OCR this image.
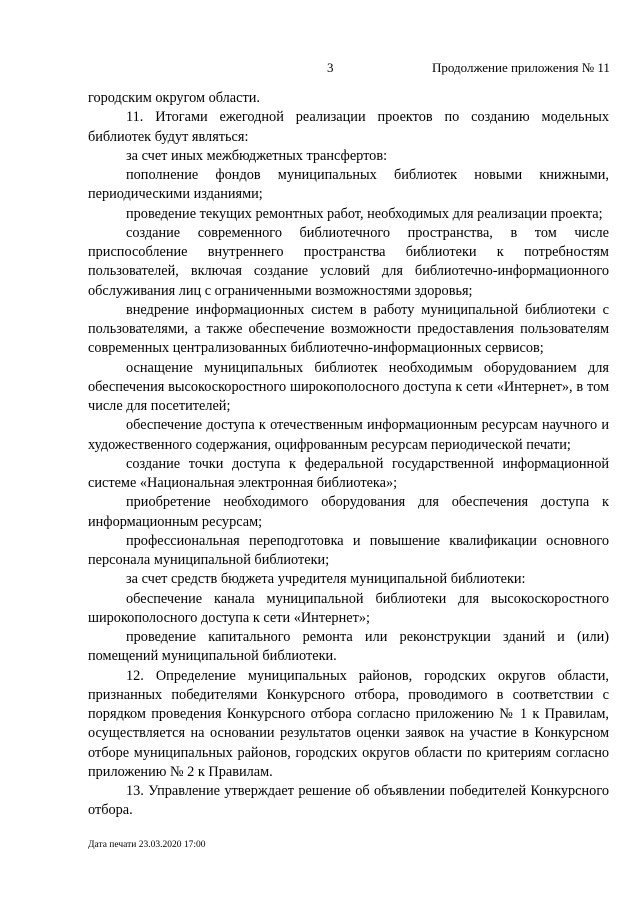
3	Продолжение приложения № 11

городским округом области.

11. Итогами ежегодной реализации проектов по созданию модельных библиотек будут являться:

за счет иных межбюджетных трансфертов:

пополнение фондов муниципальных библиотек новыми книжными, периодическими изданиями;

проведение текущих ремонтных работ, необходимых для реализации проекта;

создание современного библиотечного пространства, в том числе приспособление внутреннего пространства библиотеки к потребностям пользователей, включая создание условий для библиотечно-информационного обслуживания лиц с ограниченными возможностями здоровья;

внедрение информационных систем в работу муниципальной библиотеки с пользователями, а также обеспечение возможности предоставления пользователям современных централизованных библиотечно-информационных сервисов;

оснащение муниципальных библиотек необходимым оборудованием для обеспечения высокоскоростного широкополосного доступа к сети «Интернет», в том числе для посетителей;

обеспечение доступа к отечественным информационным ресурсам научного и художественного содержания, оцифрованным ресурсам периодической печати;

создание точки доступа к федеральной государственной информационной системе «Национальная электронная библиотека»;

приобретение необходимого оборудования для обеспечения доступа к информационным ресурсам;

профессиональная переподготовка и повышение квалификации основного персонала муниципальной библиотеки;

за счет средств бюджета учредителя муниципальной библиотеки:

обеспечение канала муниципальной библиотеки для высокоскоростного широкополосного доступа к сети «Интернет»;

проведение капитального ремонта или реконструкции зданий и (или) помещений муниципальной библиотеки.

12. Определение муниципальных районов, городских округов области, признанных победителями Конкурсного отбора, проводимого в соответствии с порядком проведения Конкурсного отбора согласно приложению № 1 к Правилам, осуществляется на основании результатов оценки заявок на участие в Конкурсном отборе муниципальных районов, городских округов области по критериям согласно приложению № 2 к Правилам.

13. Управление утверждает решение об объявлении победителей Конкурсного отбора.

Дата печати 23.03.2020 17:00
